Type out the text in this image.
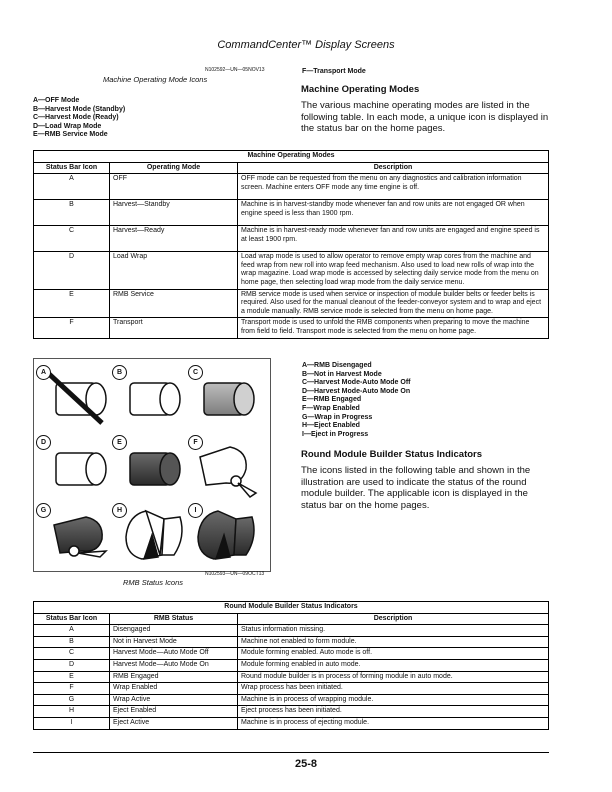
CommandCenter™ Display Screens
N102592—UN—05NOV13
Machine Operating Mode Icons
A—OFF Mode
B—Harvest Mode (Standby)
C—Harvest Mode (Ready)
D—Load Wrap Mode
E—RMB Service Mode
F—Transport Mode
Machine Operating Modes
The various machine operating modes are listed in the following table. In each mode, a unique icon is displayed in the status bar on the home pages.
Machine Operating Modes		
Status Bar Icon	Operating Mode	Description
A	OFF	OFF mode can be requested from the menu on any diagnostics and calibration information screen. Machine enters OFF mode any time engine is off.
B	Harvest—Standby	Machine is in harvest-standby mode whenever fan and row units are not engaged OR when engine speed is less than 1900 rpm.
C	Harvest—Ready	Machine is in harvest-ready mode whenever fan and row units are engaged and engine speed is at least 1900 rpm.
D	Load Wrap	Load wrap mode is used to allow operator to remove empty wrap cores from the machine and feed wrap from new roll into wrap feed mechanism. Also used to load new rolls of wrap into the wrap magazine. Load wrap mode is accessed by selecting daily service mode from the menu on home page, then selecting load wrap mode from the daily service menu.
E	RMB Service	RMB service mode is used when service or inspection of module builder belts or feeder belts is required. Also used for the manual cleanout of the feeder-conveyor system and to wrap and eject a module manually. RMB service mode is selected from the menu on home page.
F	Transport	Transport mode is used to unfold the RMB components when preparing to move the machine from field to field. Transport mode is selected from the menu on home page.
A	B	C
D	E	F
G	H	I
N102593—UN—09OCT13
RMB Status Icons
A—RMB Disengaged
B—Not in Harvest Mode
C—Harvest Mode-Auto Mode Off
D—Harvest Mode-Auto Mode On
E—RMB Engaged
F—Wrap Enabled
G—Wrap in Progress
H—Eject Enabled
I—Eject in Progress
Round Module Builder Status Indicators
The icons listed in the following table and shown in the illustration are used to indicate the status of the round module builder. The applicable icon is displayed in the status bar on the home pages.
Round Module Builder Status Indicators		
Status Bar Icon	RMB Status	Description
A	Disengaged	Status information missing.
B	Not in Harvest Mode	Machine not enabled to form module.
C	Harvest Mode—Auto Mode Off	Module forming enabled. Auto mode is off.
D	Harvest Mode—Auto Mode On	Module forming enabled in auto mode.
E	RMB Engaged	Round module builder is in process of forming module in auto mode.
F	Wrap Enabled	Wrap process has been initiated.
G	Wrap Active	Machine is in process of wrapping module.
H	Eject Enabled	Eject process has been initiated.
I	Eject Active	Machine is in process of ejecting module.
25-8
